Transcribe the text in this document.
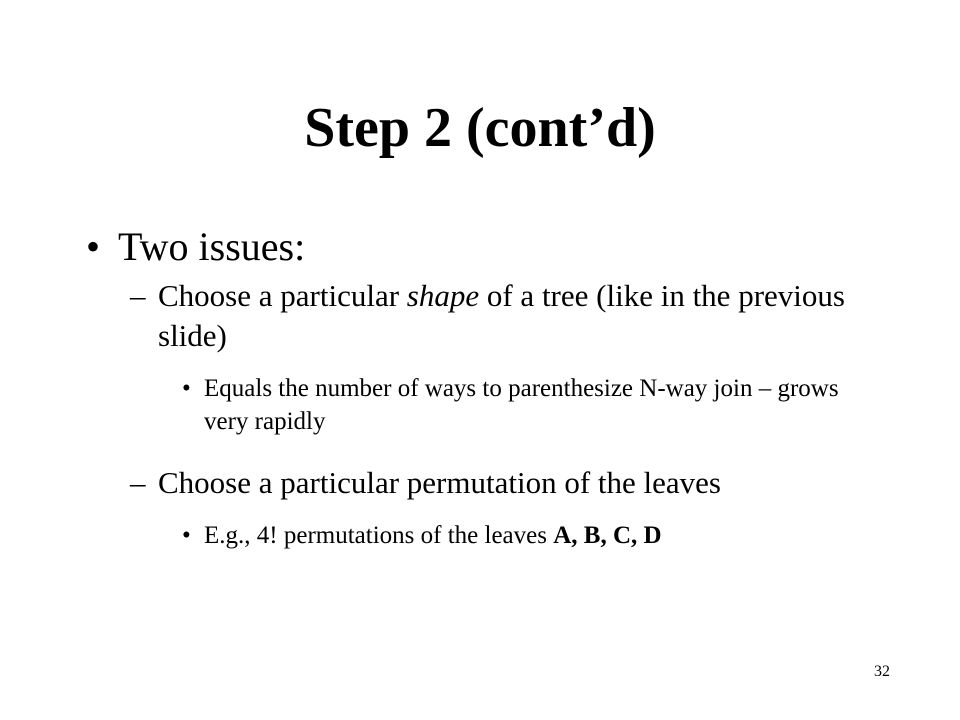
Step 2 (cont’d)
• Two issues:
– Choose a particular shape of a tree (like in the previous slide)
• Equals the number of ways to parenthesize N-way join – grows very rapidly
– Choose a particular permutation of the leaves
• E.g., 4! permutations of the leaves A, B, C, D
32
